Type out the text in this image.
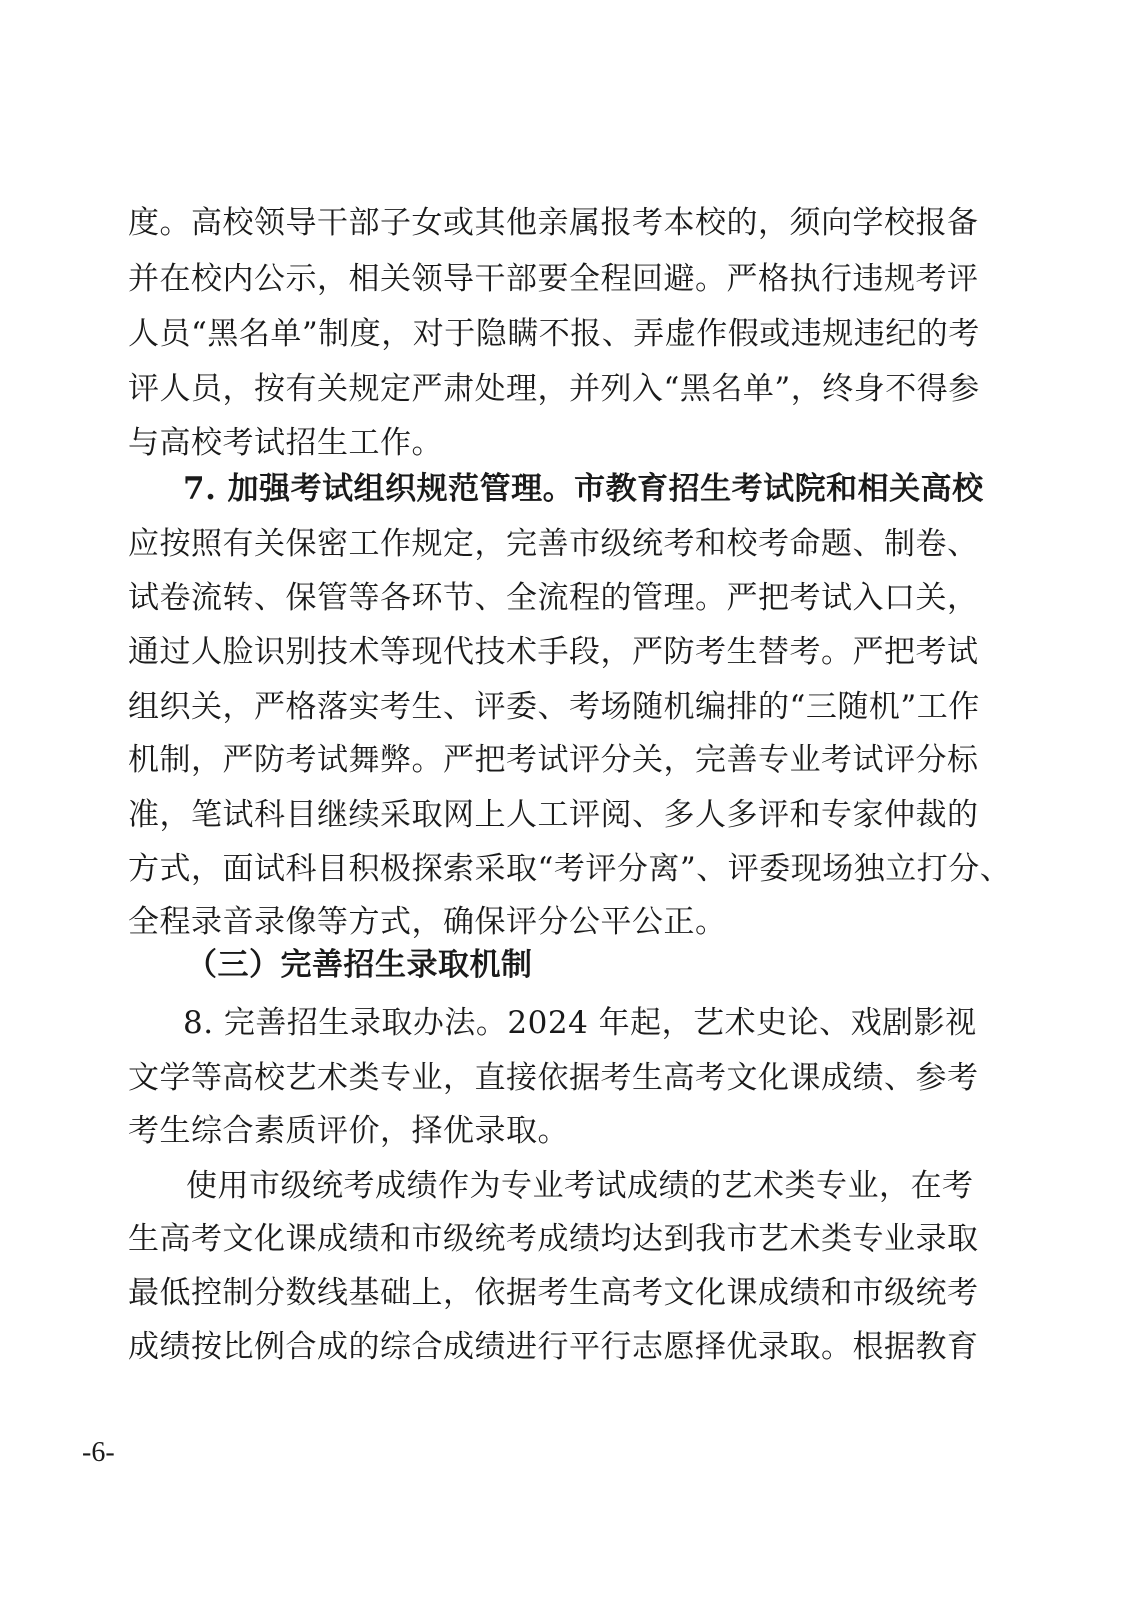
度。高校领导干部子女或其他亲属报考本校的，须向学校报备
并在校内公示，相关领导干部要全程回避。严格执行违规考评
人员“黑名单”制度，对于隐瞒不报、弄虚作假或违规违纪的考
评人员，按有关规定严肃处理，并列入“黑名单”，终身不得参
与高校考试招生工作。
7. 加强考试组织规范管理。市教育招生考试院和相关高校
应按照有关保密工作规定，完善市级统考和校考命题、制卷、
试卷流转、保管等各环节、全流程的管理。严把考试入口关，
通过人脸识别技术等现代技术手段，严防考生替考。严把考试
组织关，严格落实考生、评委、考场随机编排的“三随机”工作
机制，严防考试舞弊。严把考试评分关，完善专业考试评分标
准，笔试科目继续采取网上人工评阅、多人多评和专家仲裁的
方式，面试科目积极探索采取“考评分离”、评委现场独立打分、
全程录音录像等方式，确保评分公平公正。
（三）完善招生录取机制
8. 完善招生录取办法。2024 年起，艺术史论、戏剧影视
文学等高校艺术类专业，直接依据考生高考文化课成绩、参考
考生综合素质评价，择优录取。
使用市级统考成绩作为专业考试成绩的艺术类专业，在考
生高考文化课成绩和市级统考成绩均达到我市艺术类专业录取
最低控制分数线基础上，依据考生高考文化课成绩和市级统考
成绩按比例合成的综合成绩进行平行志愿择优录取。根据教育
-6-
